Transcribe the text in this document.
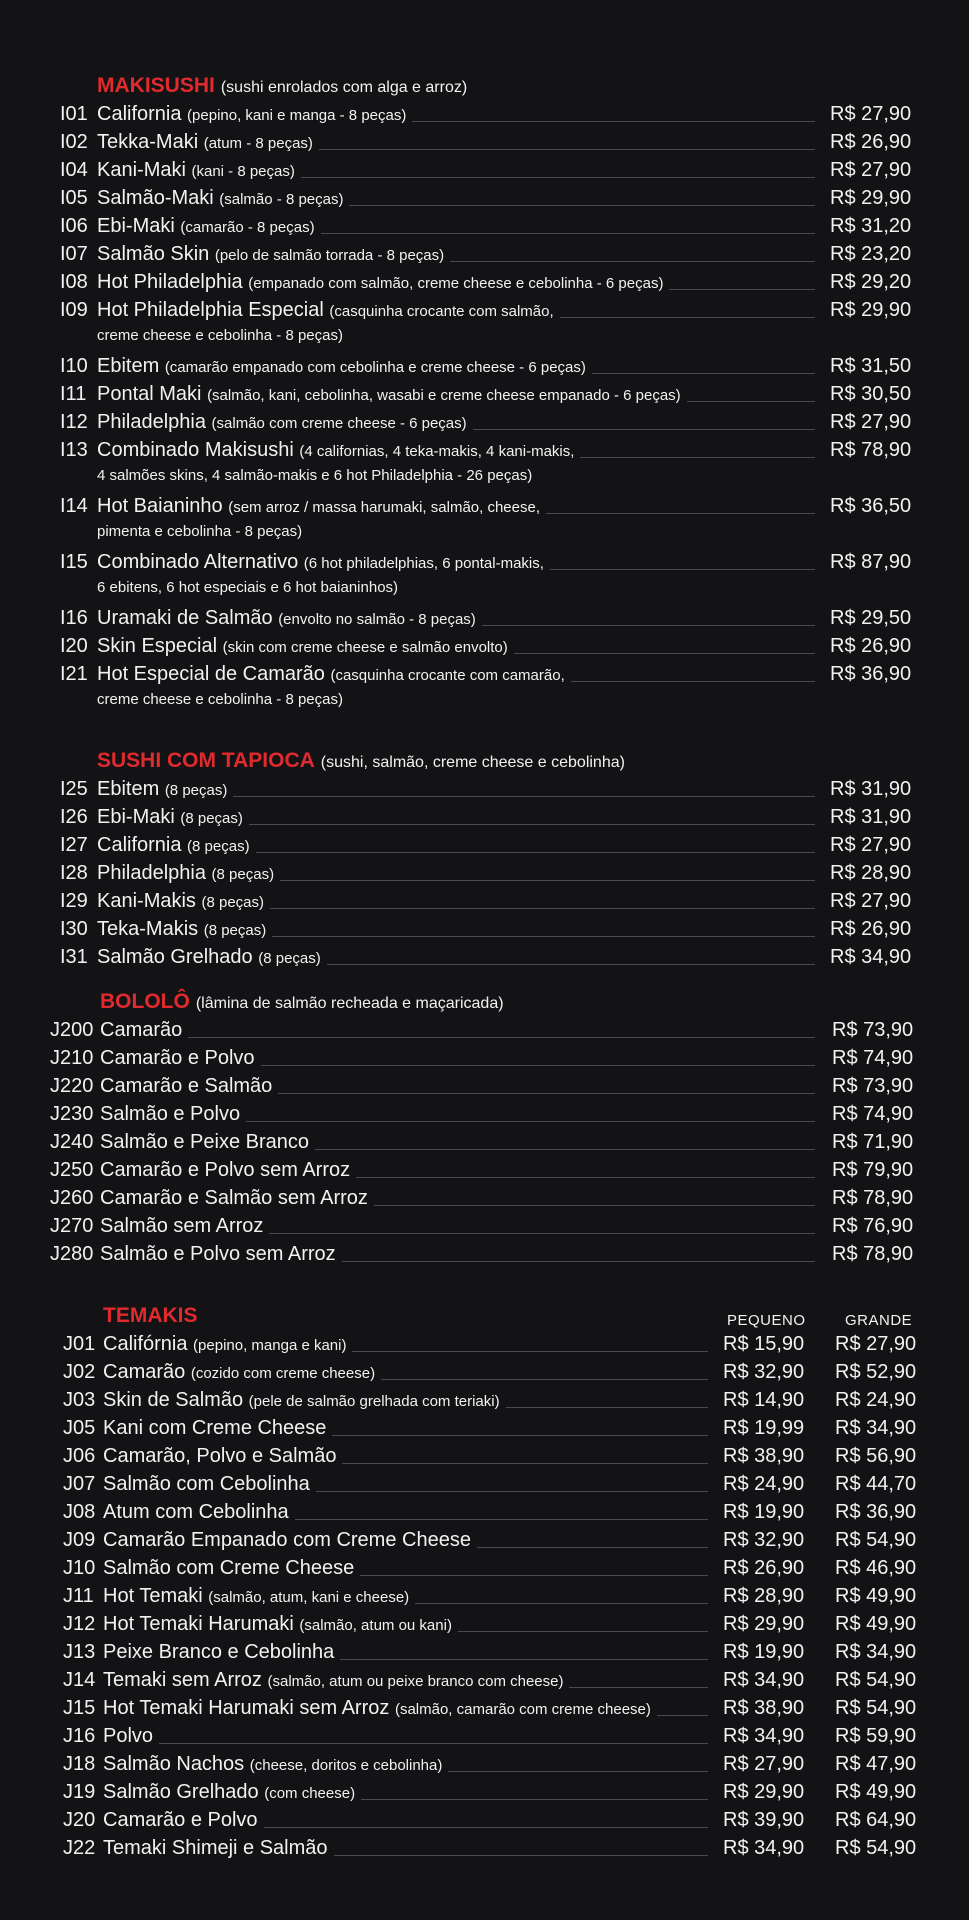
MAKISUSHI (sushi enrolados com alga e arroz)
I01 California (pepino, kani e manga - 8 peças)	R$ 27,90
I02 Tekka-Maki (atum - 8 peças)	R$ 26,90
I04 Kani-Maki (kani - 8 peças)	R$ 27,90
I05 Salmão-Maki (salmão - 8 peças)	R$ 29,90
I06 Ebi-Maki (camarão - 8 peças)	R$ 31,20
I07 Salmão Skin (pelo de salmão torrada - 8 peças)	R$ 23,20
I08 Hot Philadelphia (empanado com salmão, creme cheese e cebolinha - 6 peças)	R$ 29,20
I09 Hot Philadelphia Especial (casquinha crocante com salmão,	R$ 29,90
creme cheese e cebolinha - 8 peças)
I10 Ebitem (camarão empanado com cebolinha e creme cheese - 6 peças)	R$ 31,50
I11 Pontal Maki (salmão, kani, cebolinha, wasabi e creme cheese empanado - 6 peças)	R$ 30,50
I12 Philadelphia (salmão com creme cheese - 6 peças)	R$ 27,90
I13 Combinado Makisushi (4 californias, 4 teka-makis, 4 kani-makis,	R$ 78,90
4 salmões skins, 4 salmão-makis e 6 hot Philadelphia - 26 peças)
I14 Hot Baianinho (sem arroz / massa harumaki, salmão, cheese,	R$ 36,50
pimenta e cebolinha - 8 peças)
I15 Combinado Alternativo (6 hot philadelphias, 6 pontal-makis,	R$ 87,90
6 ebitens, 6 hot especiais e 6 hot baianinhos)
I16 Uramaki de Salmão (envolto no salmão - 8 peças)	R$ 29,50
I20 Skin Especial (skin com creme cheese e salmão envolto)	R$ 26,90
I21 Hot Especial de Camarão (casquinha crocante com camarão,	R$ 36,90
creme cheese e cebolinha - 8 peças)
SUSHI COM TAPIOCA (sushi, salmão, creme cheese e cebolinha)
I25 Ebitem (8 peças)	R$ 31,90
I26 Ebi-Maki (8 peças)	R$ 31,90
I27 California (8 peças)	R$ 27,90
I28 Philadelphia (8 peças)	R$ 28,90
I29 Kani-Makis (8 peças)	R$ 27,90
I30 Teka-Makis (8 peças)	R$ 26,90
I31 Salmão Grelhado (8 peças)	R$ 34,90
BOLOLÔ (lâmina de salmão recheada e maçaricada)
J200 Camarão	R$ 73,90
J210 Camarão e Polvo	R$ 74,90
J220 Camarão e Salmão	R$ 73,90
J230 Salmão e Polvo	R$ 74,90
J240 Salmão e Peixe Branco	R$ 71,90
J250 Camarão e Polvo sem Arroz	R$ 79,90
J260 Camarão e Salmão sem Arroz	R$ 78,90
J270 Salmão sem Arroz	R$ 76,90
J280 Salmão e Polvo sem Arroz	R$ 78,90
TEMAKIS	PEQUENO	GRANDE
J01 Califórnia (pepino, manga e kani)	R$ 15,90 R$ 27,90
J02 Camarão (cozido com creme cheese)	R$ 32,90 R$ 52,90
J03 Skin de Salmão (pele de salmão grelhada com teriaki)	R$ 14,90 R$ 24,90
J05 Kani com Creme Cheese	R$ 19,99 R$ 34,90
J06 Camarão, Polvo e Salmão	R$ 38,90 R$ 56,90
J07 Salmão com Cebolinha	R$ 24,90 R$ 44,70
J08 Atum com Cebolinha	R$ 19,90 R$ 36,90
J09 Camarão Empanado com Creme Cheese	R$ 32,90 R$ 54,90
J10 Salmão com Creme Cheese	R$ 26,90 R$ 46,90
J11 Hot Temaki (salmão, atum, kani e cheese)	R$ 28,90 R$ 49,90
J12 Hot Temaki Harumaki (salmão, atum ou kani)	R$ 29,90 R$ 49,90
J13 Peixe Branco e Cebolinha	R$ 19,90 R$ 34,90
J14 Temaki sem Arroz (salmão, atum ou peixe branco com cheese)	R$ 34,90 R$ 54,90
J15 Hot Temaki Harumaki sem Arroz (salmão, camarão com creme cheese)	R$ 38,90 R$ 54,90
J16 Polvo	R$ 34,90 R$ 59,90
J18 Salmão Nachos (cheese, doritos e cebolinha)	R$ 27,90 R$ 47,90
J19 Salmão Grelhado (com cheese)	R$ 29,90 R$ 49,90
J20 Camarão e Polvo	R$ 39,90 R$ 64,90
J22 Temaki Shimeji e Salmão	R$ 34,90 R$ 54,90
